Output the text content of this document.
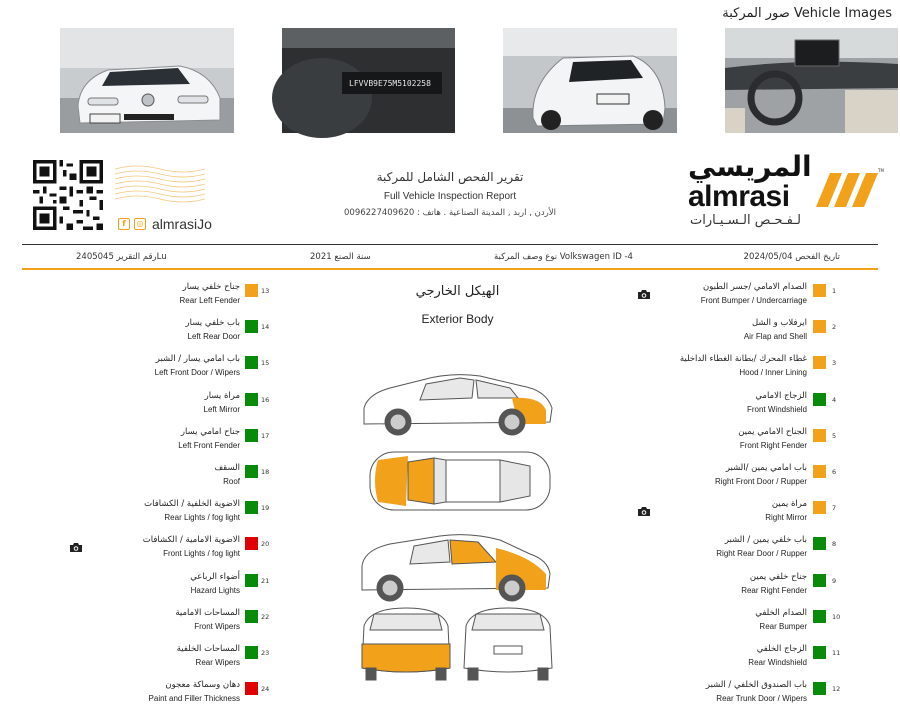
صور المركبة Vehicle Images
LFVVB9E75M5102258
f	◎ almrasiJo
تقرير الفحص الشامل للمركبة
Full Vehicle Inspection Report
الأردن , اربد , المدينة الصناعية . هاتف : 0096227409620
المريسي
almrasi
لـفـحـص الـسـيـارات
TM
تاريخ الفحص 2024/05/04
نوع وصف المركبة Volkswagen ID -4
سنة الصنع 2021
رقم التقرير 2405045Lu
الهيكل الخارجي
Exterior Body
الصدام الامامي /جسر الطبون
Front Bumper / Undercarriage
1
ايرفلاب و الشل
Air Flap and Shell
2
غطاء المحرك /بطانة الغطاء الداخلية
Hood / Inner Lining
3
الزجاج الامامي
Front Windshield
4
الجناح الامامي يمين
Front Right Fender
5
باب امامي يمين /الشبر
Right Front Door / Rupper
6
مراة يمين
Right Mirror
7
باب خلفي يمين / الشبر
Right Rear Door / Rupper
8
جناح خلفي يمين
Rear Right Fender
9
الصدام الخلفي
Rear Bumper
10
الزجاج الخلفي
Rear Windshield
11
باب الصندوق الخلفي / الشبر
Rear Trunk Door / Wipers
12
جناح خلفي يسار
Rear Left Fender
13
باب خلفي يسار
Left Rear Door
14
باب امامي يسار / الشبر
Left Front Door / Wipers
15
مراة يسار
Left Mirror
16
جناح امامي يسار
Left Front Fender
17
السقف
Roof
18
الاضوية الخلفية / الكشافات
Rear Lights / fog light
19
الاضوية الامامية / الكشافات
Front Lights / fog light
20
أضواء الرباعي
Hazard Lights
21
المساحات الامامية
Front Wipers
22
المساحات الخلفية
Rear Wipers
23
دهان وسماكة معجون
Paint and Filler Thickness
24
